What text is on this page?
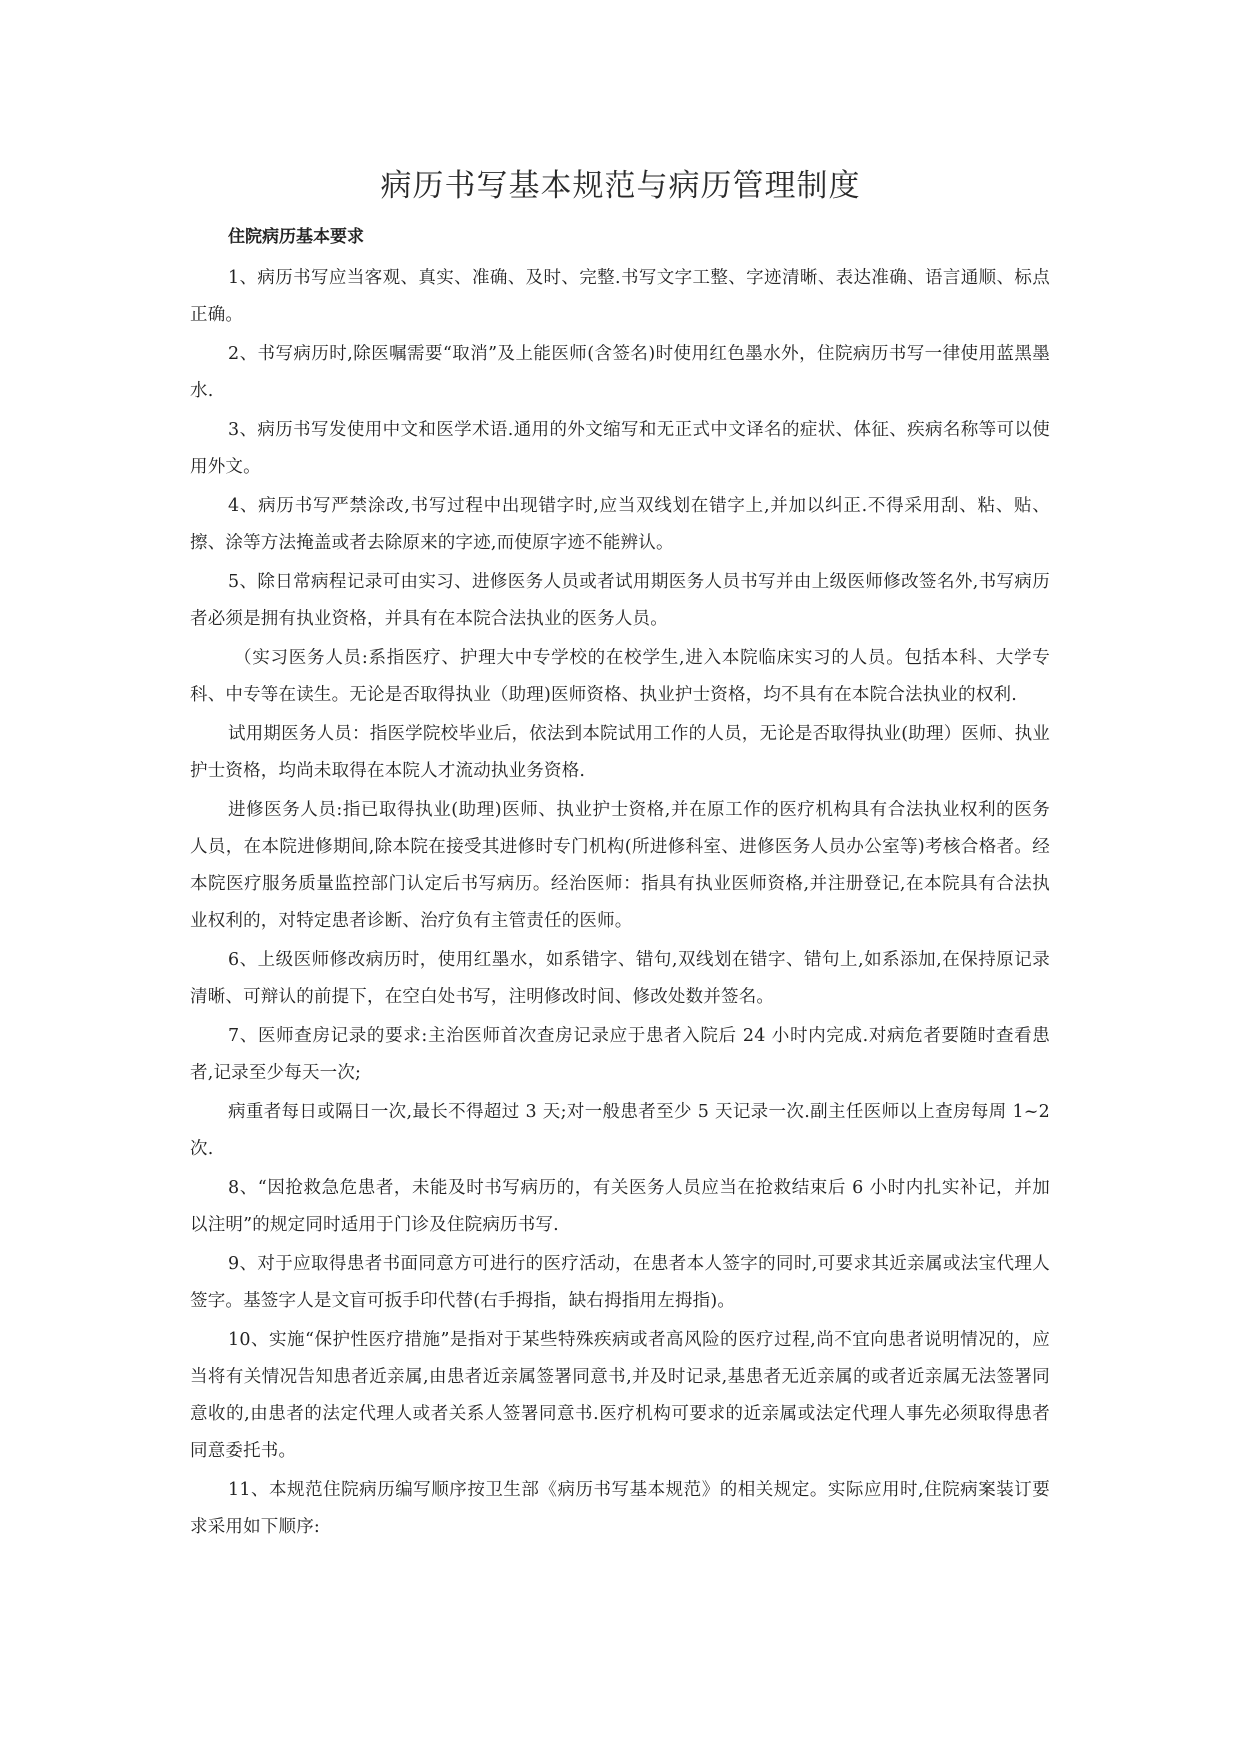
病历书写基本规范与病历管理制度
住院病历基本要求

1、病历书写应当客观、真实、准确、及时、完整.书写文字工整、字迹清晰、表达准确、语言通顺、标点正确。

2、书写病历时,除医嘱需要“取消”及上能医师(含签名)时使用红色墨水外，住院病历书写一律使用蓝黑墨水.

3、病历书写发使用中文和医学术语.通用的外文缩写和无正式中文译名的症状、体征、疾病名称等可以使用外文。

4、病历书写严禁涂改,书写过程中出现错字时,应当双线划在错字上,并加以纠正.不得采用刮、粘、贴、擦、涂等方法掩盖或者去除原来的字迹,而使原字迹不能辨认。

5、除日常病程记录可由实习、进修医务人员或者试用期医务人员书写并由上级医师修改签名外,书写病历者必须是拥有执业资格，并具有在本院合法执业的医务人员。

（实习医务人员:系指医疗、护理大中专学校的在校学生,进入本院临床实习的人员。包括本科、大学专科、中专等在读生。无论是否取得执业（助理)医师资格、执业护士资格，均不具有在本院合法执业的权利.

试用期医务人员：指医学院校毕业后，依法到本院试用工作的人员，无论是否取得执业(助理）医师、执业护士资格，均尚未取得在本院人才流动执业务资格.

进修医务人员:指已取得执业(助理)医师、执业护士资格,并在原工作的医疗机构具有合法执业权利的医务人员，在本院进修期间,除本院在接受其进修时专门机构(所进修科室、进修医务人员办公室等)考核合格者。经本院医疗服务质量监控部门认定后书写病历。经治医师：指具有执业医师资格,并注册登记,在本院具有合法执业权利的，对特定患者诊断、治疗负有主管责任的医师。

6、上级医师修改病历时，使用红墨水，如系错字、错句,双线划在错字、错句上,如系添加,在保持原记录清晰、可辩认的前提下，在空白处书写，注明修改时间、修改处数并签名。

7、医师查房记录的要求:主治医师首次查房记录应于患者入院后 24 小时内完成.对病危者要随时查看患者,记录至少每天一次;

病重者每日或隔日一次,最长不得超过 3 天;对一般患者至少 5 天记录一次.副主任医师以上查房每周 1~2 次.

8、“因抢救急危患者，未能及时书写病历的，有关医务人员应当在抢救结束后 6 小时内扎实补记，并加以注明”的规定同时适用于门诊及住院病历书写.

9、对于应取得患者书面同意方可进行的医疗活动，在患者本人签字的同时,可要求其近亲属或法宝代理人签字。基签字人是文盲可扳手印代替(右手拇指，缺右拇指用左拇指)。

10、实施“保护性医疗措施”是指对于某些特殊疾病或者高风险的医疗过程,尚不宜向患者说明情况的，应当将有关情况告知患者近亲属,由患者近亲属签署同意书,并及时记录,基患者无近亲属的或者近亲属无法签署同意收的,由患者的法定代理人或者关系人签署同意书.医疗机构可要求的近亲属或法定代理人事先必须取得患者同意委托书。

11、本规范住院病历编写顺序按卫生部《病历书写基本规范》的相关规定。实际应用时,住院病案装订要求采用如下顺序:
